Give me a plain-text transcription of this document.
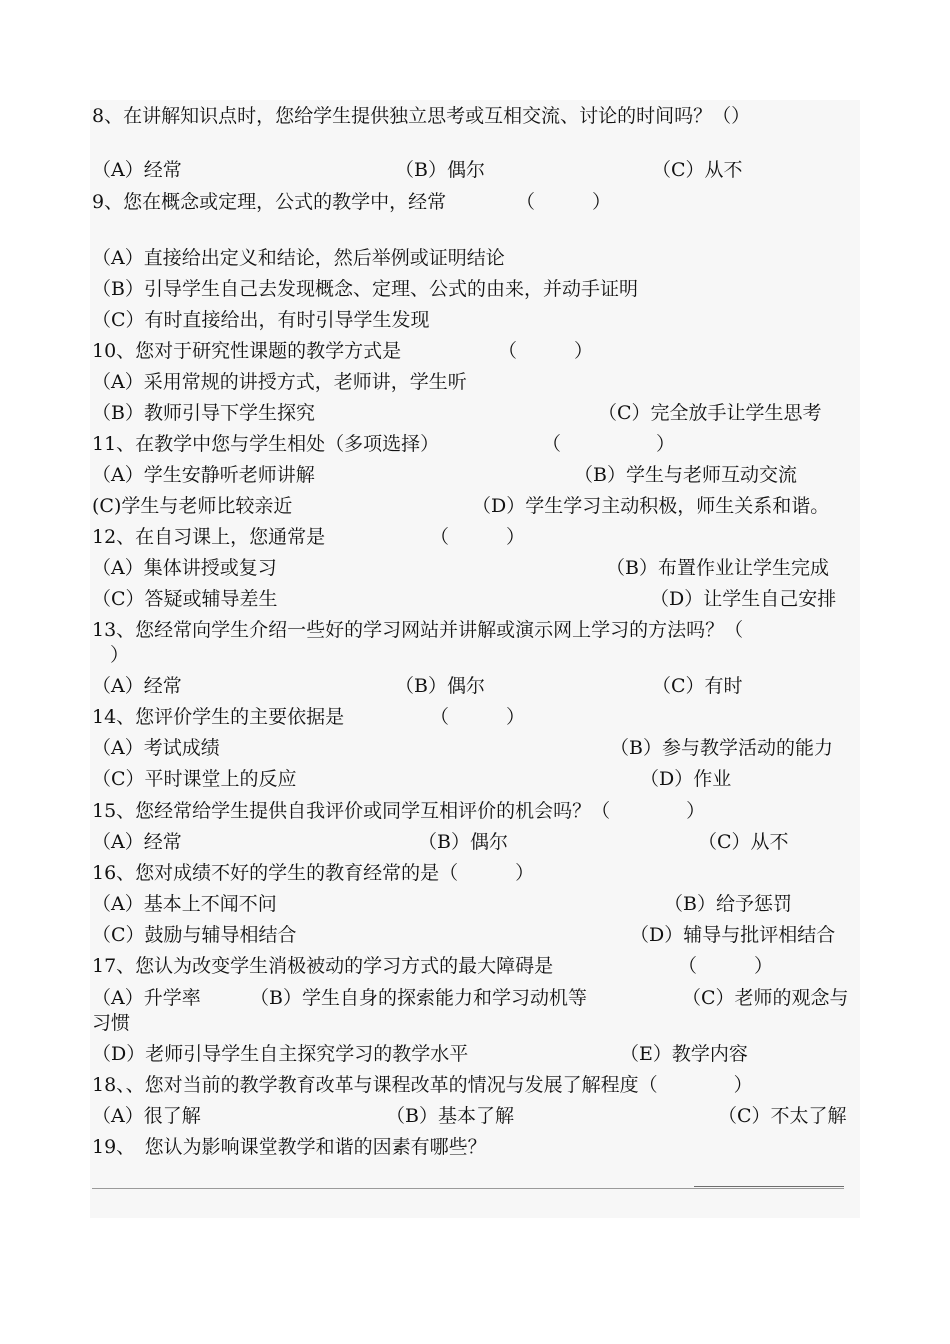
8、在讲解知识点时，您给学生提供独立思考或互相交流、讨论的时间吗？（）
（A）经常	（B）偶尔	（C）从不
9、您在概念或定理，公式的教学中，经常	（　　　）
（A）直接给出定义和结论，然后举例或证明结论
（B）引导学生自己去发现概念、定理、公式的由来，并动手证明
（C）有时直接给出，有时引导学生发现
10、您对于研究性课题的教学方式是	（　　　）
（A）采用常规的讲授方式，老师讲，学生听
（B）教师引导下学生探究	（C）完全放手让学生思考
11、在教学中您与学生相处（多项选择）	（　　　　　）
（A）学生安静听老师讲解	（B）学生与老师互动交流
(C)学生与老师比较亲近	（D）学生学习主动积极，师生关系和谐。
12、在自习课上，您通常是	（　　　）
（A）集体讲授或复习	（B）布置作业让学生完成
（C）答疑或辅导差生	（D）让学生自己安排
13、您经常向学生介绍一些好的学习网站并讲解或演示网上学习的方法吗？（
）
（A）经常	（B）偶尔	（C）有时
14、您评价学生的主要依据是	（　　　）
（A）考试成绩	（B）参与教学活动的能力
（C）平时课堂上的反应	（D）作业
15、您经常给学生提供自我评价或同学互相评价的机会吗？（　　　　）
（A）经常	（B）偶尔	（C）从不
16、您对成绩不好的学生的教育经常的是（　　　）
（B）给予惩罚
（A）基本上不闻不问
（C）鼓励与辅导相结合	（D）辅导与批评相结合
17、您认为改变学生消极被动的学习方式的最大障碍是	（　　　）
（A）升学率	（B）学生自身的探索能力和学习动机等	（C）老师的观念与
习惯
（D）老师引导学生自主探究学习的教学水平	（E）教学内容
18、、您对当前的教学教育改革与课程改革的情况与发展了解程度（　　　　）
（A）很了解	（B）基本了解	（C）不太了解
19、　您认为影响课堂教学和谐的因素有哪些？
